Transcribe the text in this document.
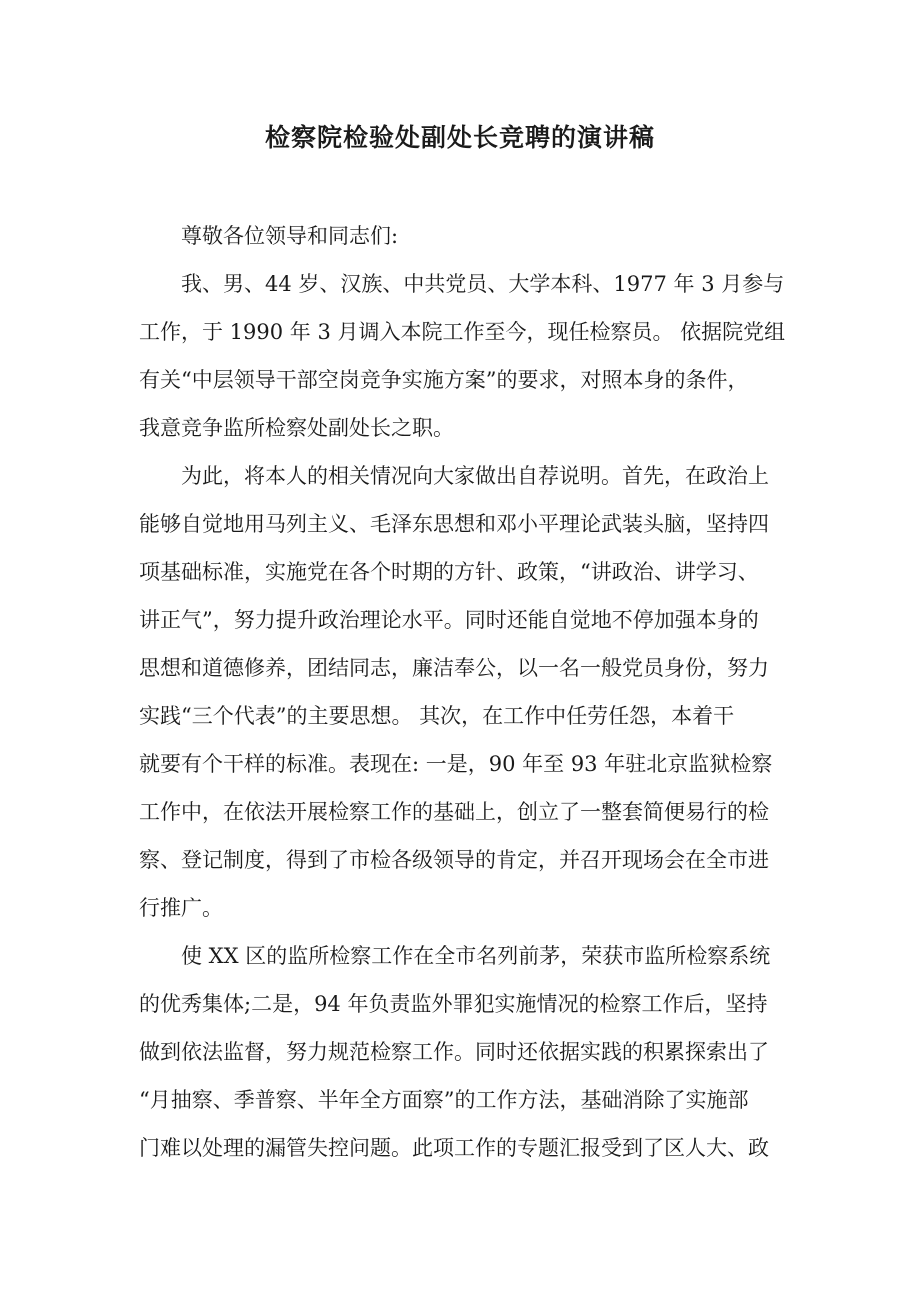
检察院检验处副处长竞聘的演讲稿
尊敬各位领导和同志们:
我、男、44 岁、汉族、中共党员、大学本科、1977 年 3 月参与
工作，于 1990 年 3 月调入本院工作至今，现任检察员。 依据院党组
有关“中层领导干部空岗竞争实施方案”的要求，对照本身的条件，
我意竞争监所检察处副处长之职。
为此，将本人的相关情况向大家做出自荐说明。首先，在政治上
能够自觉地用马列主义、毛泽东思想和邓小平理论武装头脑，坚持四
项基础标准，实施党在各个时期的方针、政策，“讲政治、讲学习、
讲正气”，努力提升政治理论水平。同时还能自觉地不停加强本身的
思想和道德修养，团结同志，廉洁奉公，以一名一般党员身份，努力
实践“三个代表”的主要思想。 其次，在工作中任劳任怨，本着干
就要有个干样的标准。表现在: 一是，90 年至 93 年驻北京监狱检察
工作中，在依法开展检察工作的基础上，创立了一整套简便易行的检
察、登记制度，得到了市检各级领导的肯定，并召开现场会在全市进
行推广。
使 XX 区的监所检察工作在全市名列前茅，荣获市监所检察系统
的优秀集体;二是，94 年负责监外罪犯实施情况的检察工作后，坚持
做到依法监督，努力规范检察工作。同时还依据实践的积累探索出了
“月抽察、季普察、半年全方面察”的工作方法，基础消除了实施部
门难以处理的漏管失控问题。此项工作的专题汇报受到了区人大、政
